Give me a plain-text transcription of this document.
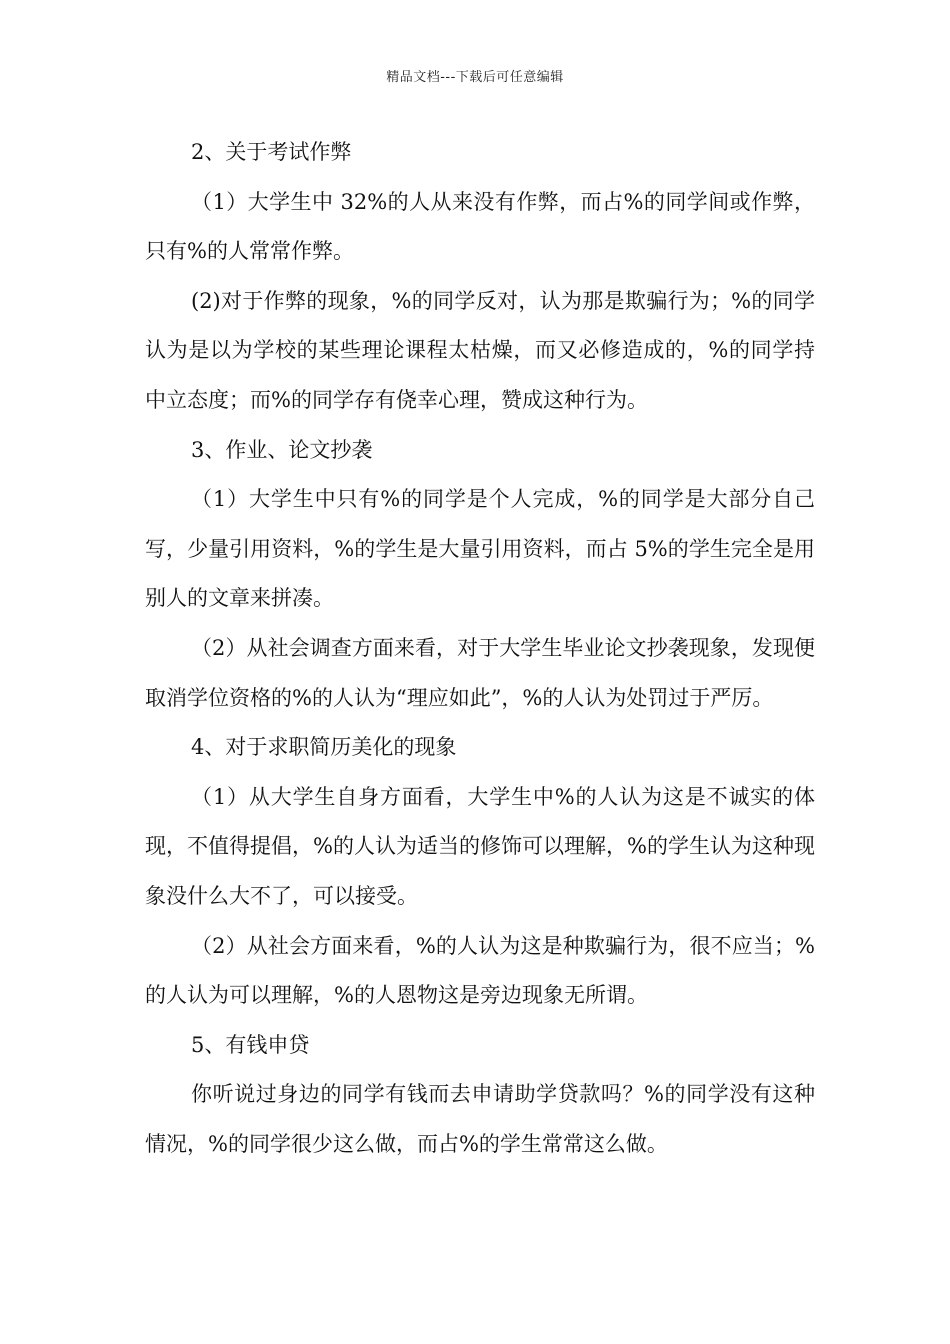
精品文档---下载后可任意编辑

2、关于考试作弊

（1）大学生中 32%的人从来没有作弊，而占%的同学间或作弊，只有%的人常常作弊。

(2)对于作弊的现象，%的同学反对，认为那是欺骗行为；%的同学认为是以为学校的某些理论课程太枯燥，而又必修造成的，%的同学持中立态度；而%的同学存有侥幸心理，赞成这种行为。

3、作业、论文抄袭

（1）大学生中只有%的同学是个人完成，%的同学是大部分自己写，少量引用资料，%的学生是大量引用资料，而占 5%的学生完全是用别人的文章来拼凑。

（2）从社会调查方面来看，对于大学生毕业论文抄袭现象，发现便取消学位资格的%的人认为“理应如此”，%的人认为处罚过于严厉。

4、对于求职简历美化的现象

（1）从大学生自身方面看，大学生中%的人认为这是不诚实的体现，不值得提倡，%的人认为适当的修饰可以理解，%的学生认为这种现象没什么大不了，可以接受。

（2）从社会方面来看，%的人认为这是种欺骗行为，很不应当；%的人认为可以理解，%的人恩物这是旁边现象无所谓。

5、有钱申贷

你听说过身边的同学有钱而去申请助学贷款吗？%的同学没有这种情况，%的同学很少这么做，而占%的学生常常这么做。
